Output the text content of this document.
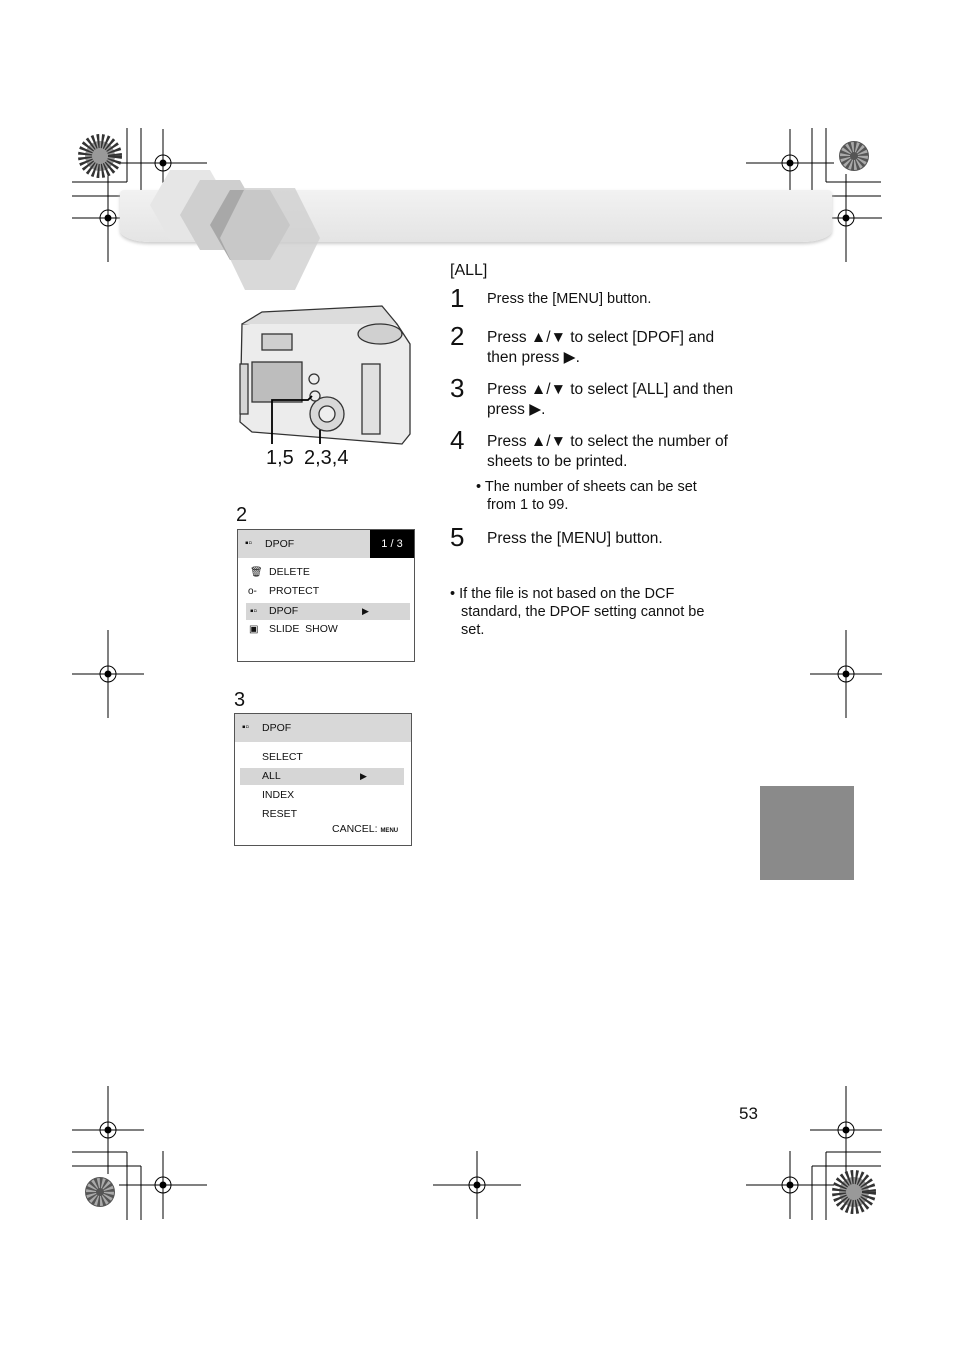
1,5 2,3,4
2
▪▫ DPOF	1 / 3
🗑 DELETE
o- PROTECT
▪▫ DPOF	▶
▣ SLIDE  SHOW
3
▪▫ DPOF
SELECT
ALL	▶
INDEX
RESET
CANCEL: MENU
[ALL]
1 Press the [MENU] button.
2 Press ▲/▼ to select [DPOF] and
then press ▶.
3 Press ▲/▼ to select [ALL] and then
press ▶.
4 Press ▲/▼ to select the number of
sheets to be printed.
• The number of sheets can be set
from 1 to 99.
5 Press the [MENU] button.
• If the file is not based on the DCF
standard, the DPOF setting cannot be
set.
53
